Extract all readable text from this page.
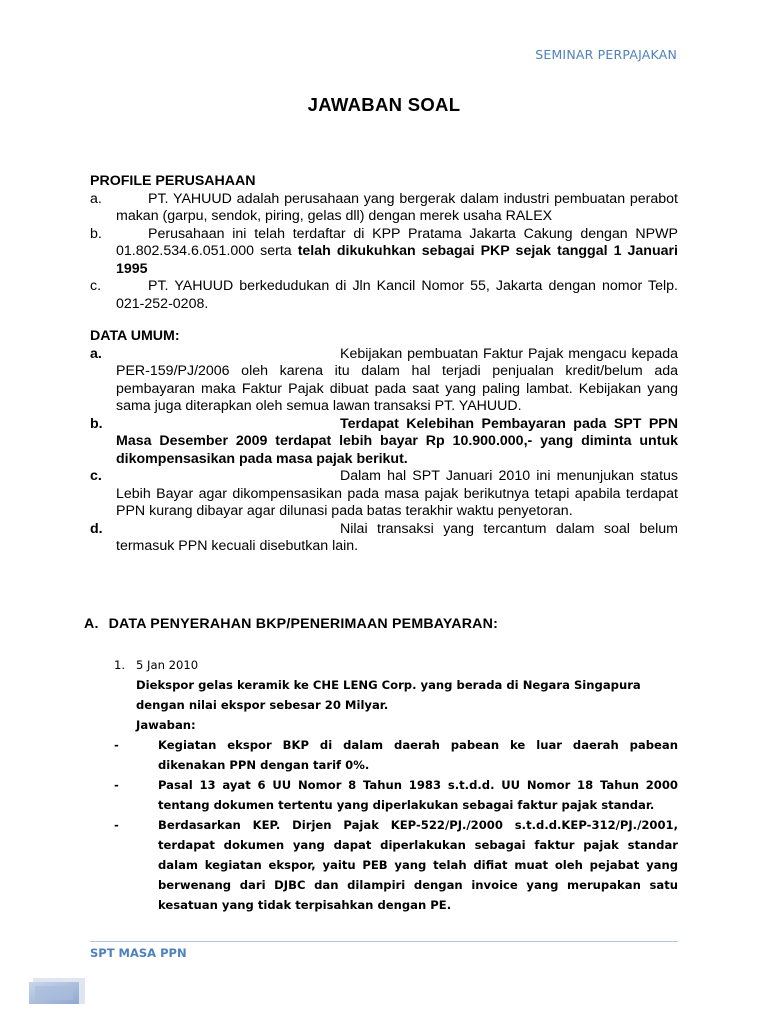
SEMINAR PERPAJAKAN
JAWABAN SOAL
PROFILE PERUSAHAAN
a.	PT. YAHUUD adalah perusahaan yang bergerak dalam industri pembuatan perabot makan (garpu, sendok, piring, gelas dll) dengan merek usaha RALEX
b.	Perusahaan ini telah terdaftar di KPP Pratama Jakarta Cakung dengan NPWP 01.802.534.6.051.000 serta telah dikukuhkan sebagai PKP sejak tanggal 1 Januari 1995
c.	PT. YAHUUD berkedudukan di Jln Kancil Nomor 55, Jakarta dengan nomor Telp. 021-252-0208.
DATA UMUM:
a.	Kebijakan pembuatan Faktur Pajak mengacu kepada PER-159/PJ/2006 oleh karena itu dalam hal terjadi penjualan kredit/belum ada pembayaran maka Faktur Pajak dibuat pada saat yang paling lambat. Kebijakan yang sama juga diterapkan oleh semua lawan transaksi PT. YAHUUD.
b.	Terdapat Kelebihan Pembayaran pada SPT PPN Masa Desember 2009 terdapat lebih bayar Rp 10.900.000,- yang diminta untuk dikompensasikan pada masa pajak berikut.
c.	Dalam hal SPT Januari 2010 ini menunjukan status Lebih Bayar agar dikompensasikan pada masa pajak berikutnya tetapi apabila terdapat PPN kurang dibayar agar dilunasi pada batas terakhir waktu penyetoran.
d.	Nilai transaksi yang tercantum dalam soal belum termasuk PPN kecuali disebutkan lain.
A. DATA PENYERAHAN BKP/PENERIMAAN PEMBAYARAN:
1. 5 Jan 2010
Diekspor gelas keramik ke CHE LENG Corp. yang berada di Negara Singapura dengan nilai ekspor sebesar 20 Milyar.
Jawaban:
-	Kegiatan ekspor BKP di dalam daerah pabean ke luar daerah pabean dikenakan PPN dengan tarif 0%.
-	Pasal 13 ayat 6 UU Nomor 8 Tahun 1983 s.t.d.d. UU Nomor 18 Tahun 2000 tentang dokumen tertentu yang diperlakukan sebagai faktur pajak standar.
-	Berdasarkan KEP. Dirjen Pajak KEP-522/PJ./2000 s.t.d.d.KEP-312/PJ./2001, terdapat dokumen yang dapat diperlakukan sebagai faktur pajak standar dalam kegiatan ekspor, yaitu PEB yang telah difiat muat oleh pejabat yang berwenang dari DJBC dan dilampiri dengan invoice yang merupakan satu kesatuan yang tidak terpisahkan dengan PE.
SPT MASA PPN
